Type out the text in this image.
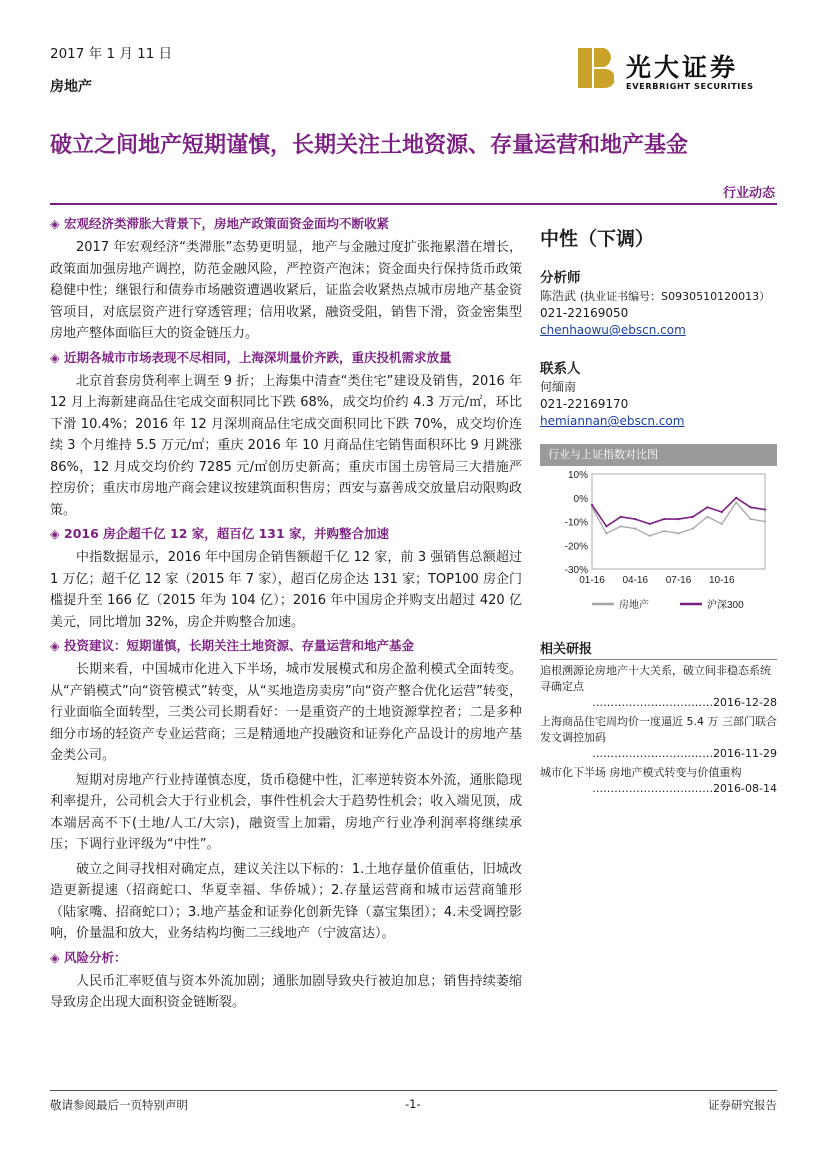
2017 年 1 月 11 日
房地产
光大证券
EVERBRIGHT SECURITIES
破立之间地产短期谨慎，长期关注土地资源、存量运营和地产基金
行业动态
◈ 宏观经济类滞胀大背景下，房地产政策面资金面均不断收紧

2017 年宏观经济“类滞胀”态势更明显，地产与金融过度扩张拖累潜在增长，政策面加强房地产调控，防范金融风险，严控资产泡沫；资金面央行保持货币政策稳健中性；继银行和债券市场融资遭遇收紧后，证监会收紧热点城市房地产基金资管项目，对底层资产进行穿透管理；信用收紧，融资受阻，销售下滑，资金密集型房地产整体面临巨大的资金链压力。

◈ 近期各城市市场表现不尽相同，上海深圳量价齐跌，重庆投机需求放量

北京首套房贷利率上调至 9 折；上海集中清查“类住宅”建设及销售，2016 年 12 月上海新建商品住宅成交面积同比下跌 68%，成交均价约 4.3 万元/㎡，环比下滑 10.4%；2016 年 12 月深圳商品住宅成交面积同比下跌 70%，成交均价连续 3 个月维持 5.5 万元/㎡；重庆 2016 年 10 月商品住宅销售面积环比 9 月跳涨 86%，12 月成交均价约 7285 元/㎡创历史新高；重庆市国土房管局三大措施严控房价；重庆市房地产商会建议按建筑面积售房；西安与嘉善成交放量启动限购政策。

◈ 2016 房企超千亿 12 家，超百亿 131 家，并购整合加速

中指数据显示，2016 年中国房企销售额超千亿 12 家，前 3 强销售总额超过 1 万亿；超千亿 12 家（2015 年 7 家），超百亿房企达 131 家；TOP100 房企门槛提升至 166 亿（2015 年为 104 亿）；2016 年中国房企并购支出超过 420 亿美元，同比增加 32%，房企并购整合加速。

◈ 投资建议：短期谨慎，长期关注土地资源、存量运营和地产基金

长期来看，中国城市化进入下半场，城市发展模式和房企盈利模式全面转变。从“产销模式”向“资管模式”转变，从“买地造房卖房”向“资产整合优化运营”转变，行业面临全面转型，三类公司长期看好：一是重资产的土地资源掌控者；二是多种细分市场的轻资产专业运营商；三是精通地产投融资和证券化产品设计的房地产基金类公司。

短期对房地产行业持谨慎态度，货币稳健中性，汇率逆转资本外流，通胀隐现利率提升，公司机会大于行业机会，事件性机会大于趋势性机会；收入端见顶，成本端居高不下(土地/人工/大宗)，融资雪上加霜，房地产行业净利润率将继续承压；下调行业评级为“中性”。

破立之间寻找相对确定点，建议关注以下标的：1.土地存量价值重估，旧城改造更新提速（招商蛇口、华夏幸福、华侨城）；2.存量运营商和城市运营商雏形（陆家嘴、招商蛇口）；3.地产基金和证券化创新先锋（嘉宝集团）；4.未受调控影响，价量温和放大，业务结构均衡二三线地产（宁波富达）。

◈ 风险分析：

人民币汇率贬值与资本外流加剧；通胀加剧导致央行被迫加息；销售持续萎缩导致房企出现大面积资金链断裂。

中性（下调）
分析师
陈浩武 (执业证书编号：S0930510120013）
021-22169050
chenhaowu@ebscn.com
联系人
何缅南
021-22169170
hemiannan@ebscn.com
行业与上证指数对比图
10%
0%
-10%
-20%
-30%
01-16 04-16 07-16 10-16
房地产	沪深300
相关研报
追根溯源论房地产十大关系，破立间非稳态系统寻确定点
……………………………2016-12-28
上海商品住宅周均价一度逼近 5.4 万 三部门联合发文调控加码
……………………………2016-11-29
城市化下半场 房地产模式转变与价值重构
……………………………2016-08-14
敬请参阅最后一页特别声明	-1-	证券研究报告
